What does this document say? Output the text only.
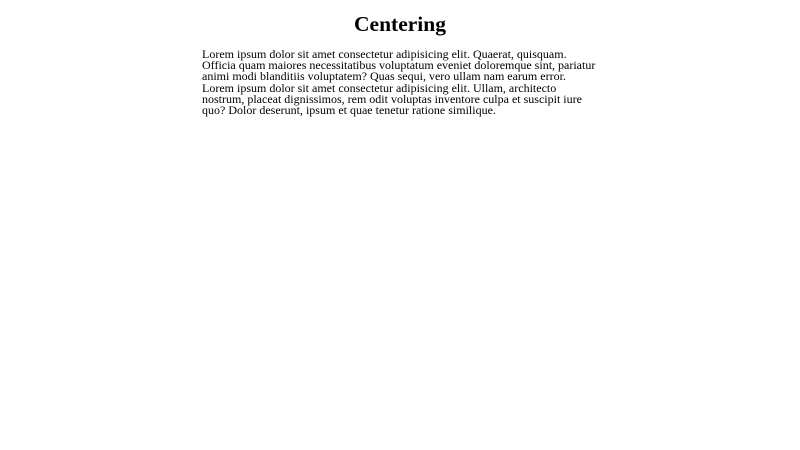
Centering

Lorem ipsum dolor sit amet consectetur adipisicing elit. Quaerat, quisquam. Officia quam maiores necessitatibus voluptatum eveniet doloremque sint, pariatur animi modi blanditiis voluptatem? Quas sequi, vero ullam nam earum error. Lorem ipsum dolor sit amet consectetur adipisicing elit. Ullam, architecto nostrum, placeat dignissimos, rem odit voluptas inventore culpa et suscipit iure quo? Dolor deserunt, ipsum et quae tenetur ratione similique.
